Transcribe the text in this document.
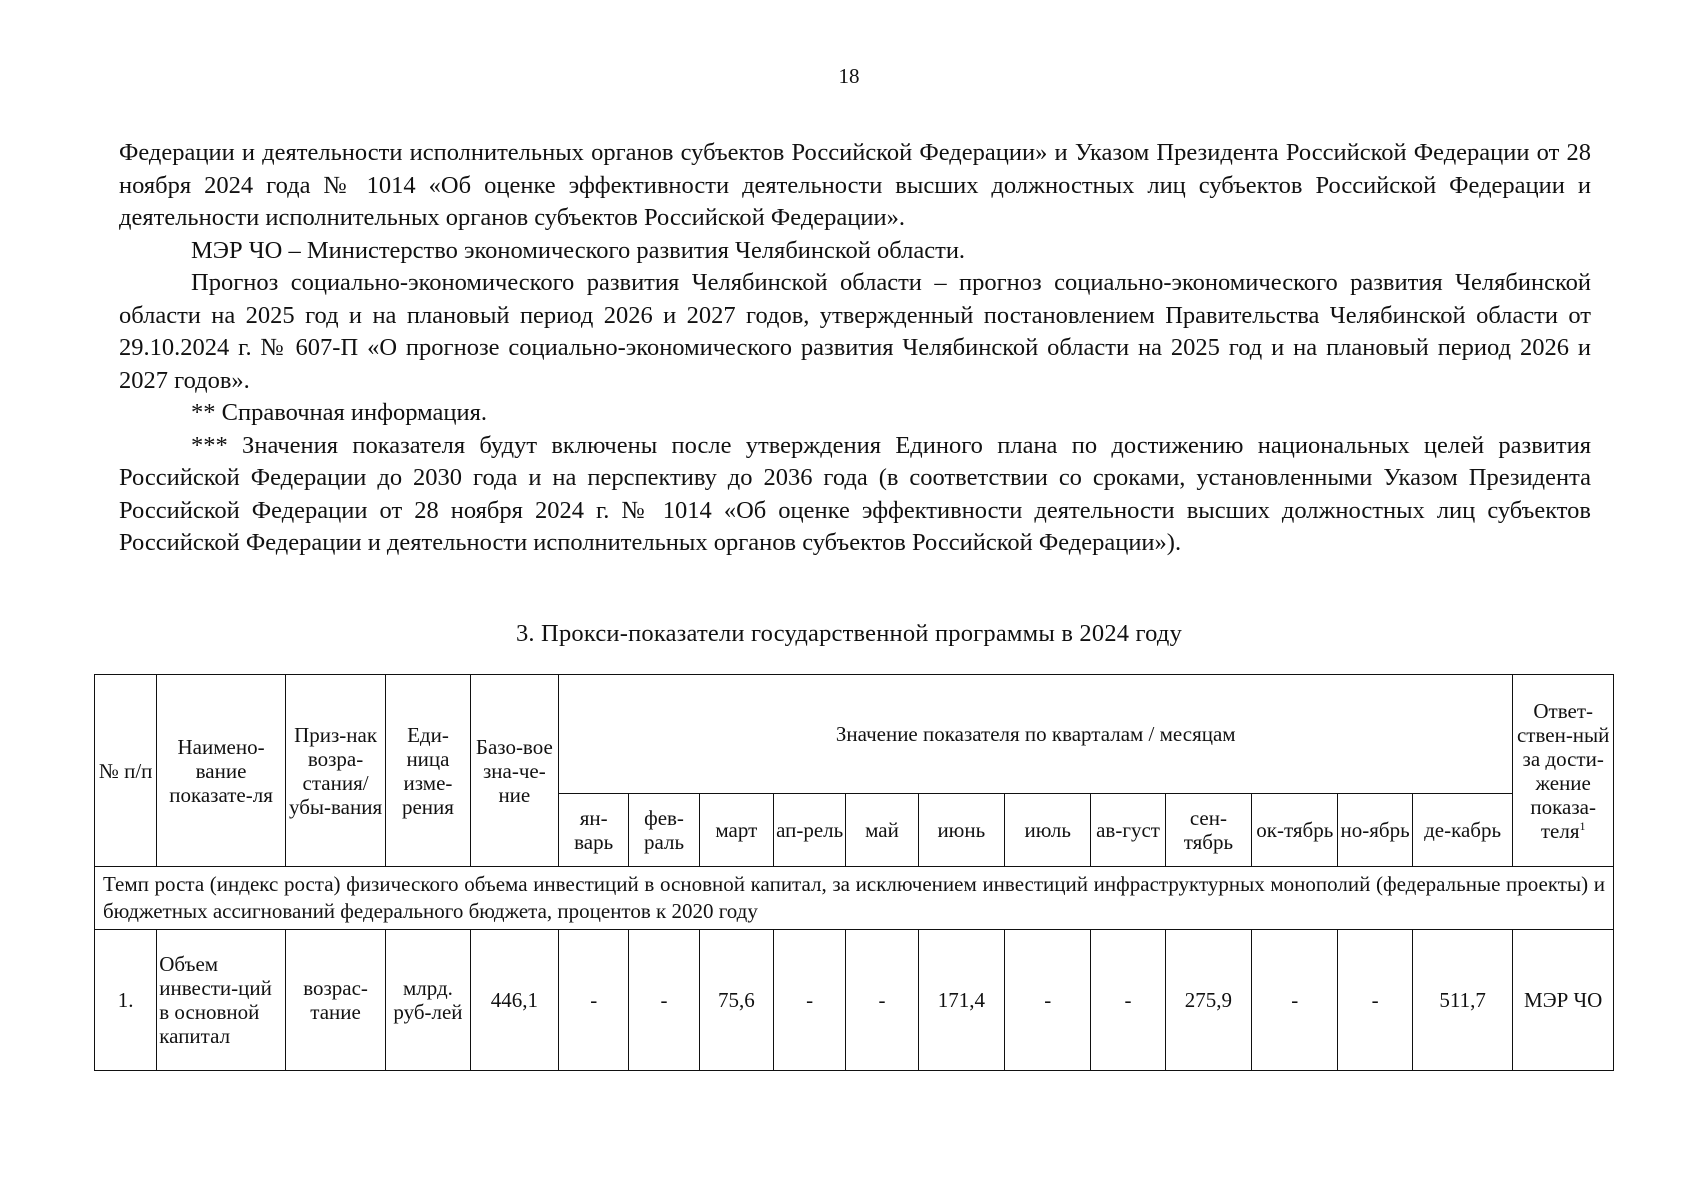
18

Федерации и деятельности исполнительных органов субъектов Российской Федерации» и Указом Президента Российской Федерации от 28 ноября 2024 года № 1014 «Об оценке эффективности деятельности высших должностных лиц субъектов Российской Федерации и деятельности исполнительных органов субъектов Российской Федерации».

МЭР ЧО – Министерство экономического развития Челябинской области.

Прогноз социально-экономического развития Челябинской области – прогноз социально-экономического развития Челябинской области на 2025 год и на плановый период 2026 и 2027 годов, утвержденный постановлением Правительства Челябинской области от 29.10.2024 г. № 607-П «О прогнозе социально-экономического развития Челябинской области на 2025 год и на плановый период 2026 и 2027 годов».

** Справочная информация.

*** Значения показателя будут включены после утверждения Единого плана по достижению национальных целей развития Российской Федерации до 2030 года и на перспективу до 2036 года (в соответствии со сроками, установленными Указом Президента Российской Федерации от 28 ноября 2024 г. № 1014 «Об оценке эффективности деятельности высших должностных лиц субъектов Российской Федерации и деятельности исполнительных органов субъектов Российской Федерации»).

3. Прокси-показатели государственной программы в 2024 году
№ п/п	Наимено-вание показате-ля	Приз-нак возра-стания/ убы-вания	Еди-ница изме-рения	Базо-вое зна-че-ние	Значение показателя по кварталам / месяцам												Ответ-ствен-ный за дости-жение показа-теля$^1$
					ян-варь	фев-раль	март	ап-рель	май	июнь	июль	ав-густ	сен-тябрь	ок-тябрь	но-ябрь	де-кабрь	
Темп роста (индекс роста) физического объема инвестиций в основной капитал, за исключением инвестиций инфраструктурных монополий (федеральные проекты) и бюджетных ассигнований федерального бюджета, процентов к 2020 году																	
1.	Объем инвести-ций в основной капитал	возрас-тание	млрд. руб-лей	446,1	-	-	75,6	-	-	171,4	-	-	275,9	-	-	511,7	МЭР ЧО
